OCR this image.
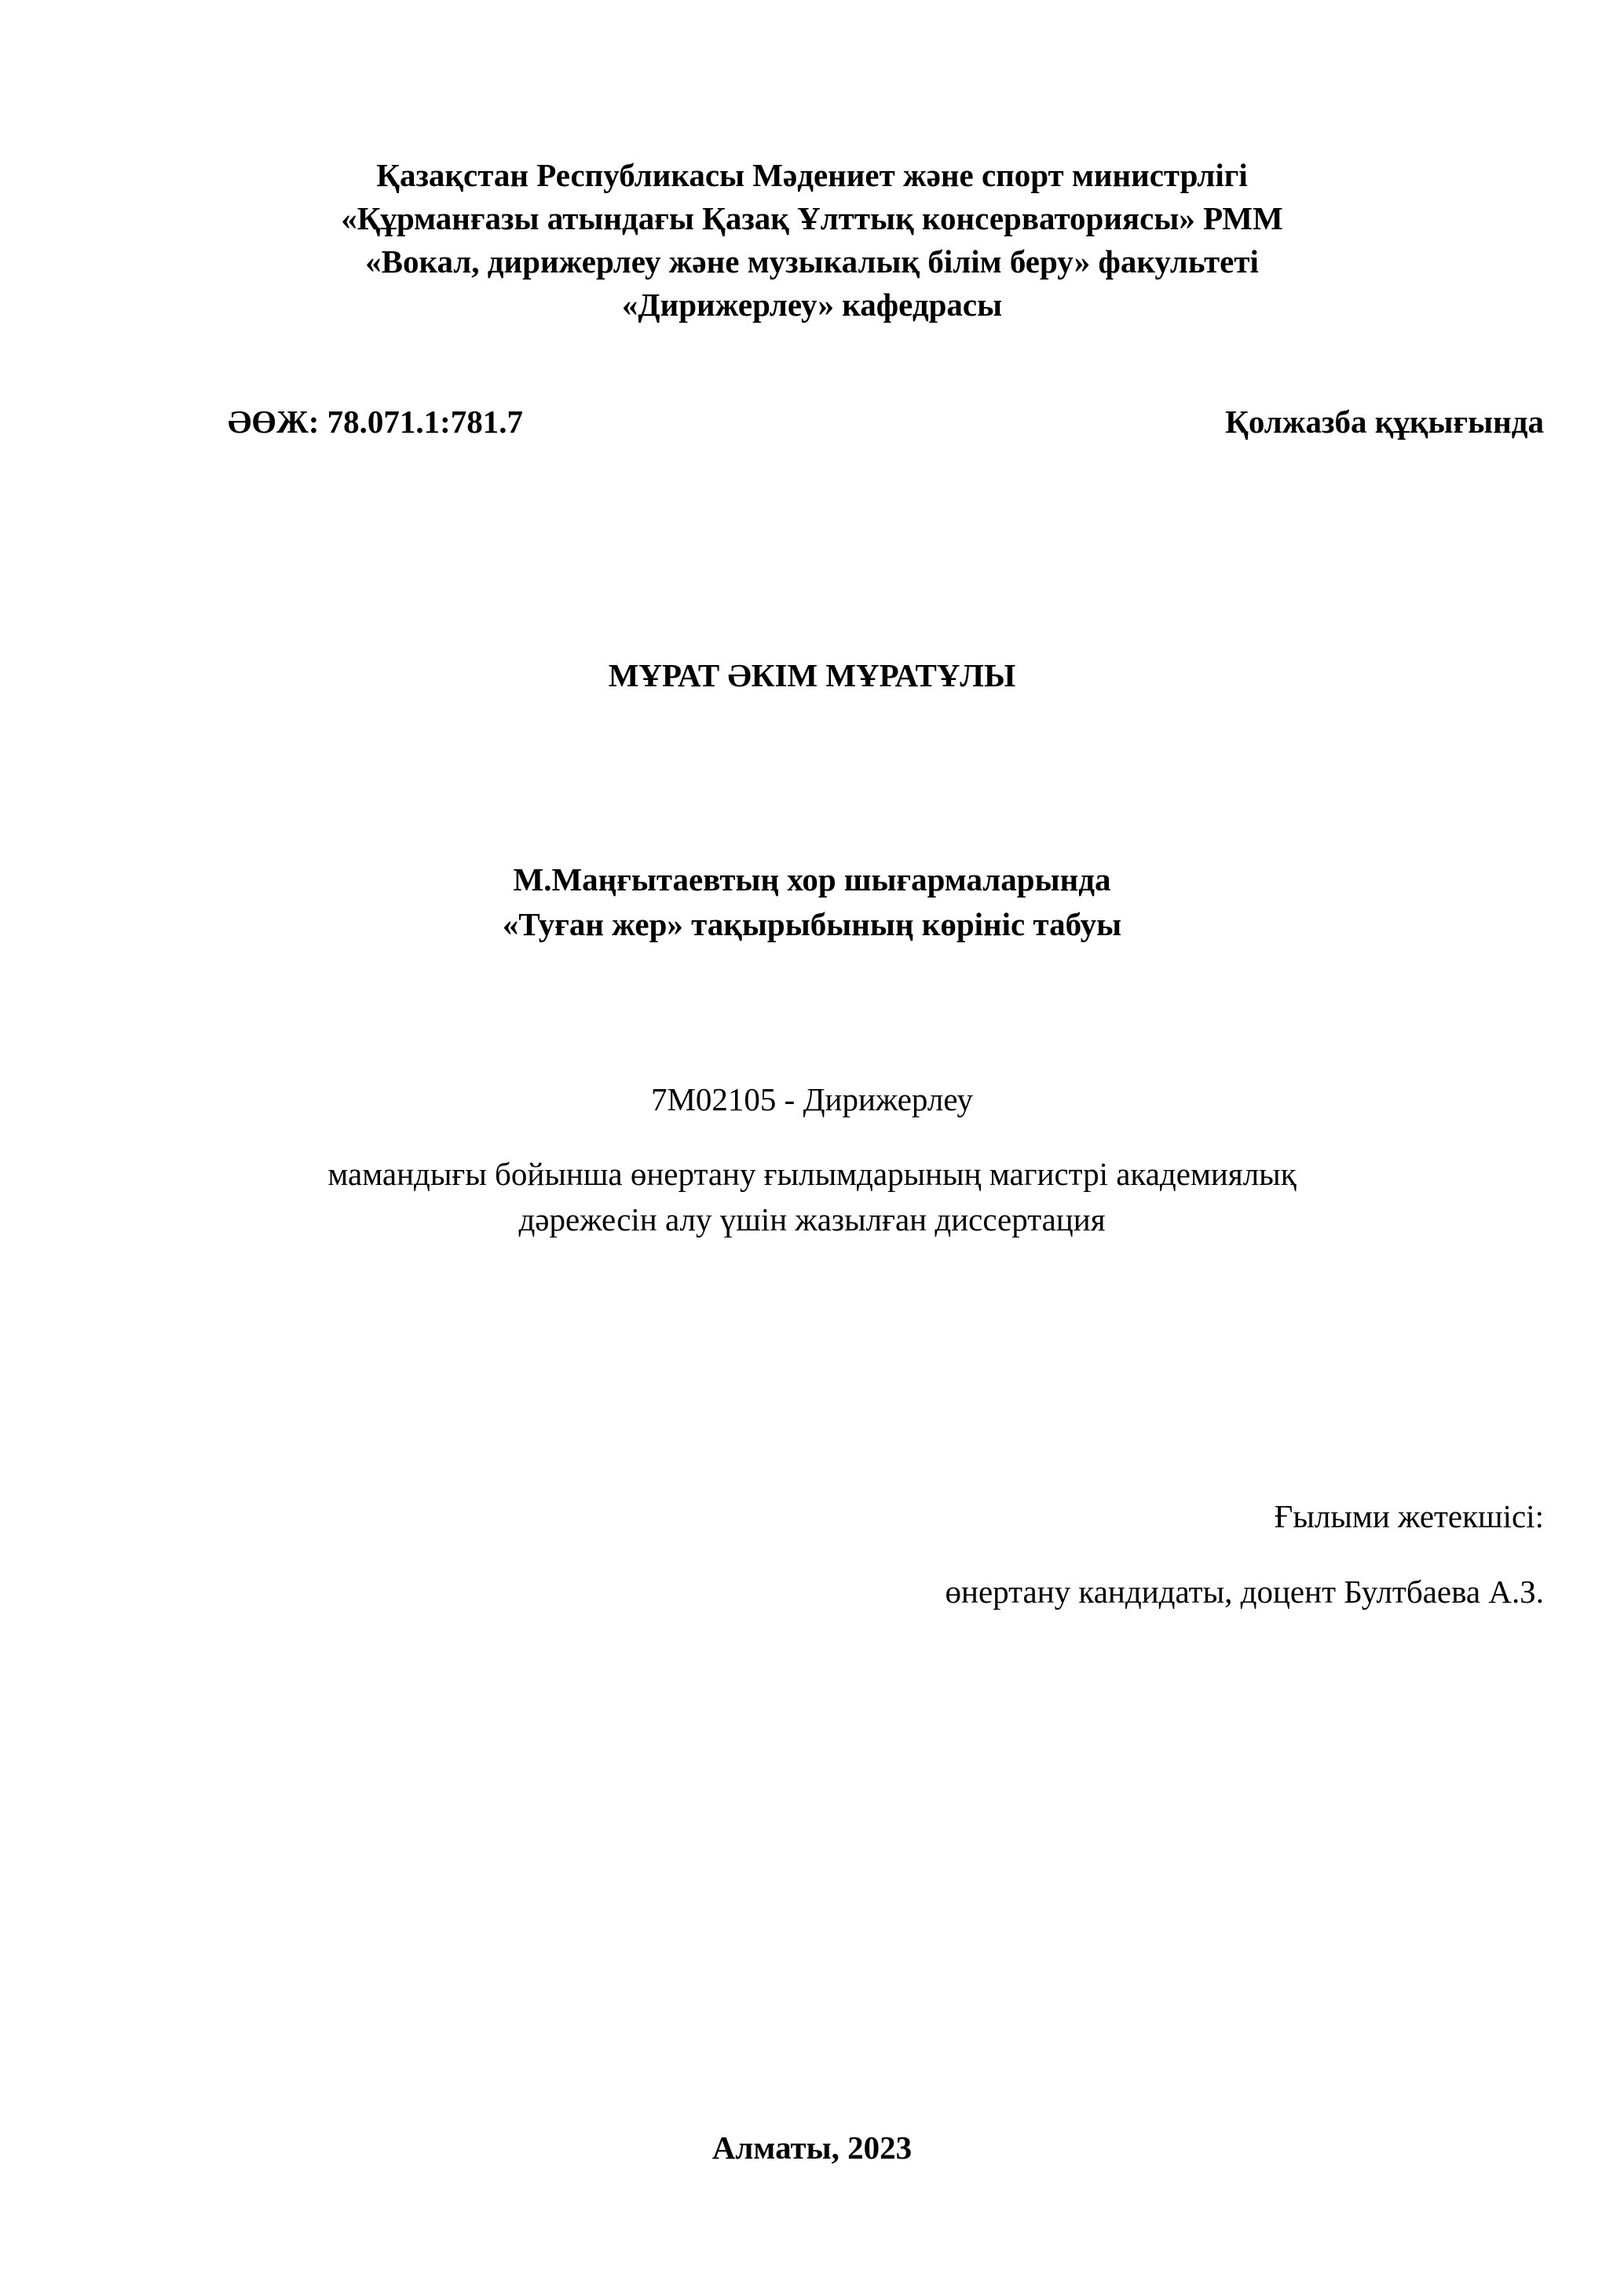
Қазақстан Республикасы Мәдениет және спорт министрлігі
«Құрманғазы атындағы Қазақ Ұлттық консерваториясы» РММ
«Вокал, дирижерлеу және музыкалық білім беру» факультеті
«Дирижерлеу» кафедрасы
ӘӨЖ: 78.071.1:781.7	Қолжазба құқығында
МҰРАТ ӘКІМ МҰРАТҰЛЫ
М.Маңғытаевтың хор шығармаларында
«Туған жер» тақырыбының көрініс табуы
7М02105 - Дирижерлеу
мамандығы бойынша өнертану ғылымдарының магистрі академиялық
дәрежесін алу үшін жазылған диссертация
Ғылыми жетекшісі:
өнертану кандидаты, доцент Бултбаева А.З.
Алматы, 2023
